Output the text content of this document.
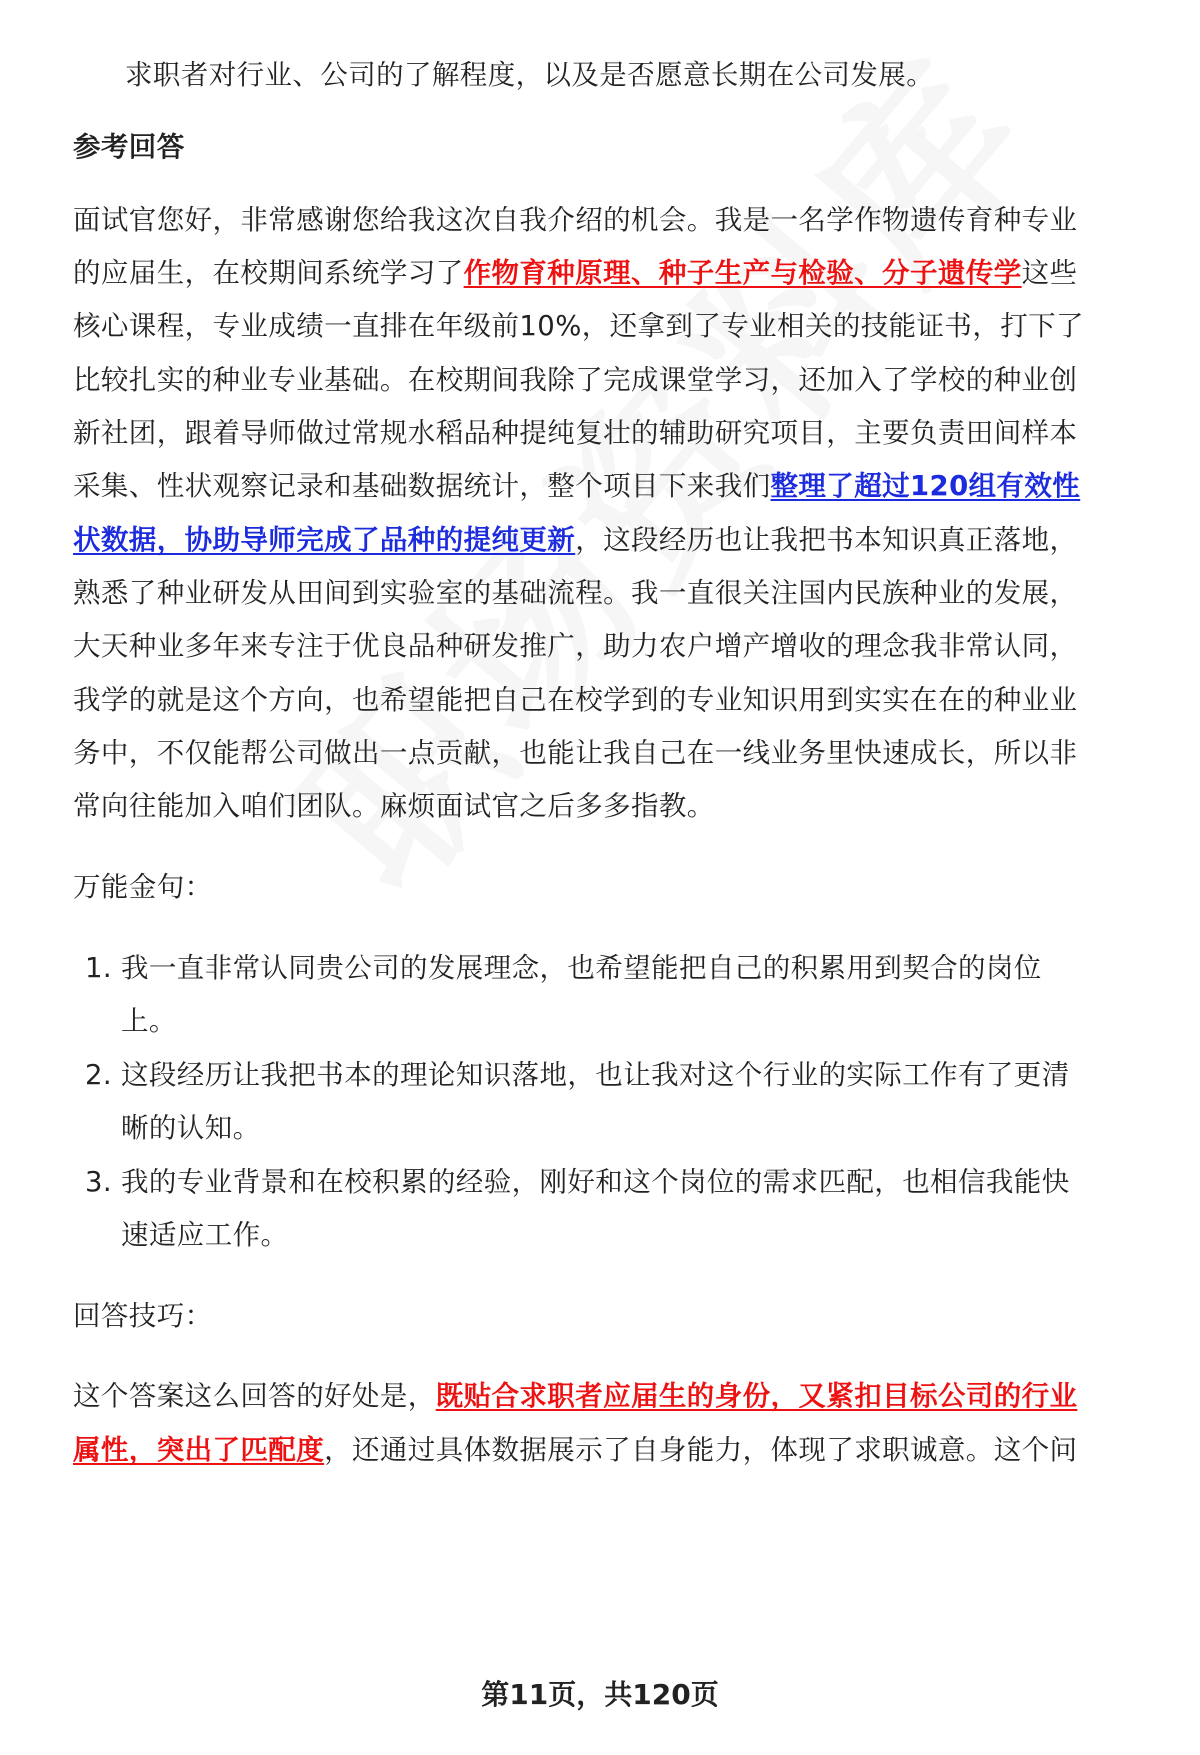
求职者对行业、公司的了解程度，以及是否愿意长期在公司发展。
参考回答
面试官您好，非常感谢您给我这次自我介绍的机会。我是一名学作物遗传育种专业
的应届生，在校期间系统学习了作物育种原理、种子生产与检验、分子遗传学这些
核心课程，专业成绩一直排在年级前10%，还拿到了专业相关的技能证书，打下了
比较扎实的种业专业基础。在校期间我除了完成课堂学习，还加入了学校的种业创
新社团，跟着导师做过常规水稻品种提纯复壮的辅助研究项目，主要负责田间样本
采集、性状观察记录和基础数据统计，整个项目下来我们整理了超过120组有效性
状数据，协助导师完成了品种的提纯更新，这段经历也让我把书本知识真正落地，
熟悉了种业研发从田间到实验室的基础流程。我一直很关注国内民族种业的发展，
大天种业多年来专注于优良品种研发推广，助力农户增产增收的理念我非常认同，
我学的就是这个方向，也希望能把自己在校学到的专业知识用到实实在在的种业业
务中，不仅能帮公司做出一点贡献，也能让我自己在一线业务里快速成长，所以非
常向往能加入咱们团队。麻烦面试官之后多多指教。
万能金句：
1. 我一直非常认同贵公司的发展理念，也希望能把自己的积累用到契合的岗位
上。
2. 这段经历让我把书本的理论知识落地，也让我对这个行业的实际工作有了更清
晰的认知。
3. 我的专业背景和在校积累的经验，刚好和这个岗位的需求匹配，也相信我能快
速适应工作。
回答技巧：
这个答案这么回答的好处是，既贴合求职者应届生的身份，又紧扣目标公司的行业
属性，突出了匹配度，还通过具体数据展示了自身能力，体现了求职诚意。这个问
第11页，共120页
